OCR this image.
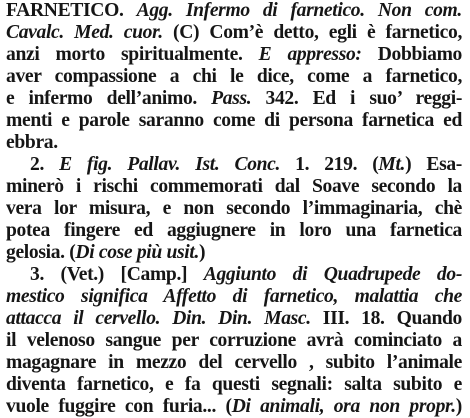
FARNETICO. Agg. Infermo di farnetico. Non com.
Cavalc. Med. cuor. (C) Com’è detto, egli è farnetico,
anzi morto spiritualmente. E appresso: Dobbiamo
aver compassione a chi le dice, come a farnetico,
e infermo dell’animo. Pass. 342. Ed i suo’ reggi-
menti e parole saranno come di persona farnetica ed
ebbra.
2. E fig. Pallav. Ist. Conc. 1. 219. (Mt.) Esa-
minerò i rischi commemorati dal Soave secondo la
vera lor misura, e non secondo l’immaginaria, chè
potea fingere ed aggiugnere in loro una farnetica
gelosia. (Di cose più usit.)
3. (Vet.) [Camp.] Aggiunto di Quadrupede do-
mestico significa Affetto di farnetico, malattia che
attacca il cervello. Din. Din. Masc. III. 18. Quando
il velenoso sangue per corruzione avrà cominciato a
magagnare in mezzo del cervello , subito l’animale
diventa farnetico, e fa questi segnali: salta subito e
vuole fuggire con furia... (Di animali, ora non propr.)
